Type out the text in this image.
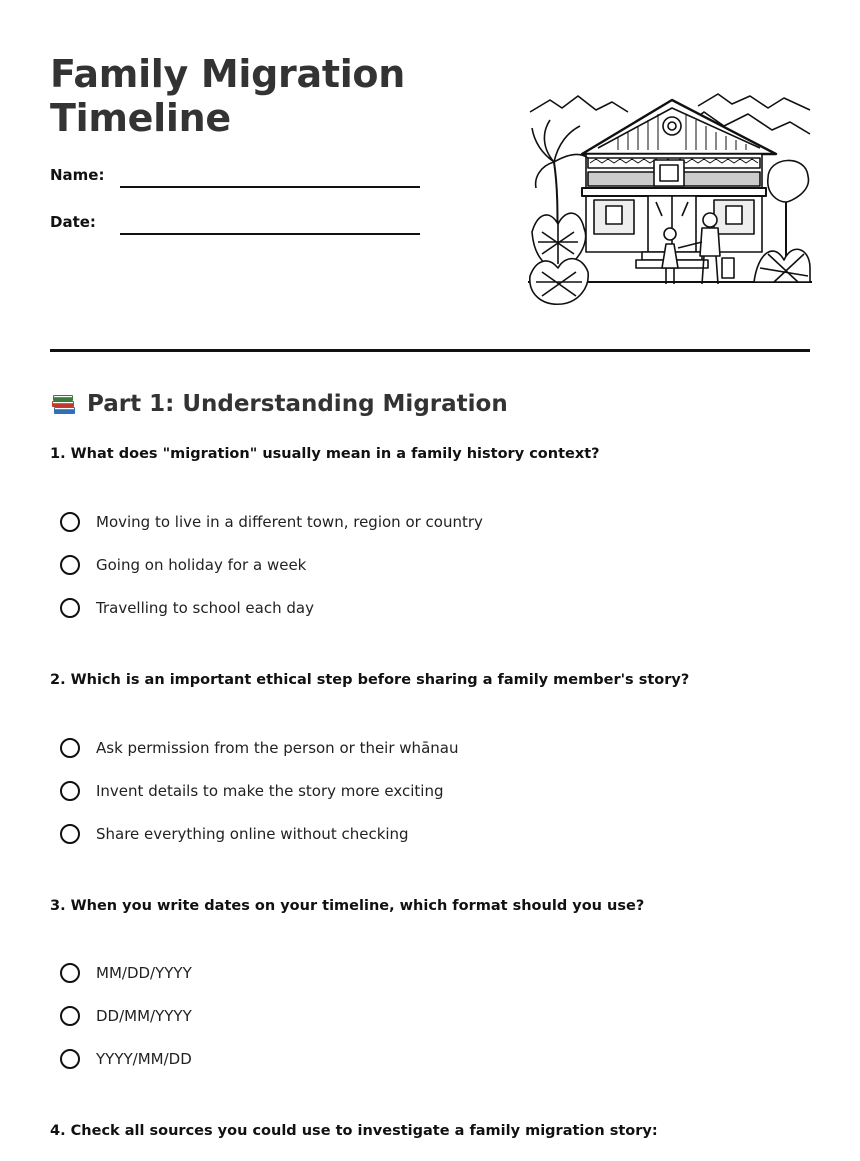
Family Migration Timeline
Name:
Date:
Part 1: Understanding Migration

1. What does "migration" usually mean in a family history context?

Moving to live in a different town, region or country
Going on holiday for a week
Travelling to school each day

2. Which is an important ethical step before sharing a family member's story?

Ask permission from the person or their whānau
Invent details to make the story more exciting
Share everything online without checking

3. When you write dates on your timeline, which format should you use?

MM/DD/YYYY
DD/MM/YYYY
YYYY/MM/DD

4. Check all sources you could use to investigate a family migration story:
